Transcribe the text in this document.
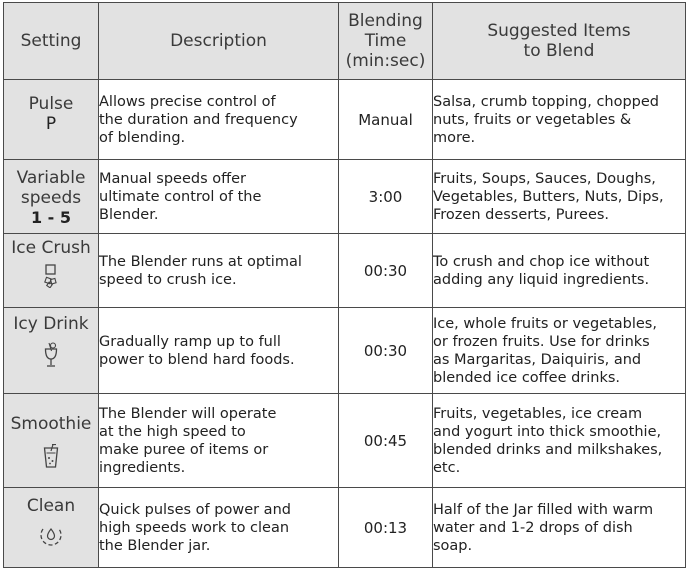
Setting	Description	Blending
Time
(min:sec)	Suggested Items
to Blend

Pulse
P	Allows precise control of
the duration and frequency
of blending.	Manual	Salsa, crumb topping, chopped
nuts, fruits or vegetables &
more.

Variable
speeds
1 - 5	Manual speeds offer
ultimate control of the
Blender.	3:00	Fruits, Soups, Sauces, Doughs,
Vegetables, Butters, Nuts, Dips,
Frozen desserts, Purees.

Ice Crush	The Blender runs at optimal
speed to crush ice.	00:30	To crush and chop ice without
adding any liquid ingredients.

Icy Drink	Gradually ramp up to full
power to blend hard foods.	00:30	Ice, whole fruits or vegetables,
or frozen fruits. Use for drinks
as Margaritas, Daiquiris, and
blended ice coffee drinks.

Smoothie	The Blender will operate
at the high speed to
make puree of items or
ingredients.	00:45	Fruits, vegetables, ice cream
and yogurt into thick smoothie,
blended drinks and milkshakes,
etc.

Clean	Quick pulses of power and
high speeds work to clean
the Blender jar.	00:13	Half of the Jar filled with warm
water and 1-2 drops of dish
soap.
